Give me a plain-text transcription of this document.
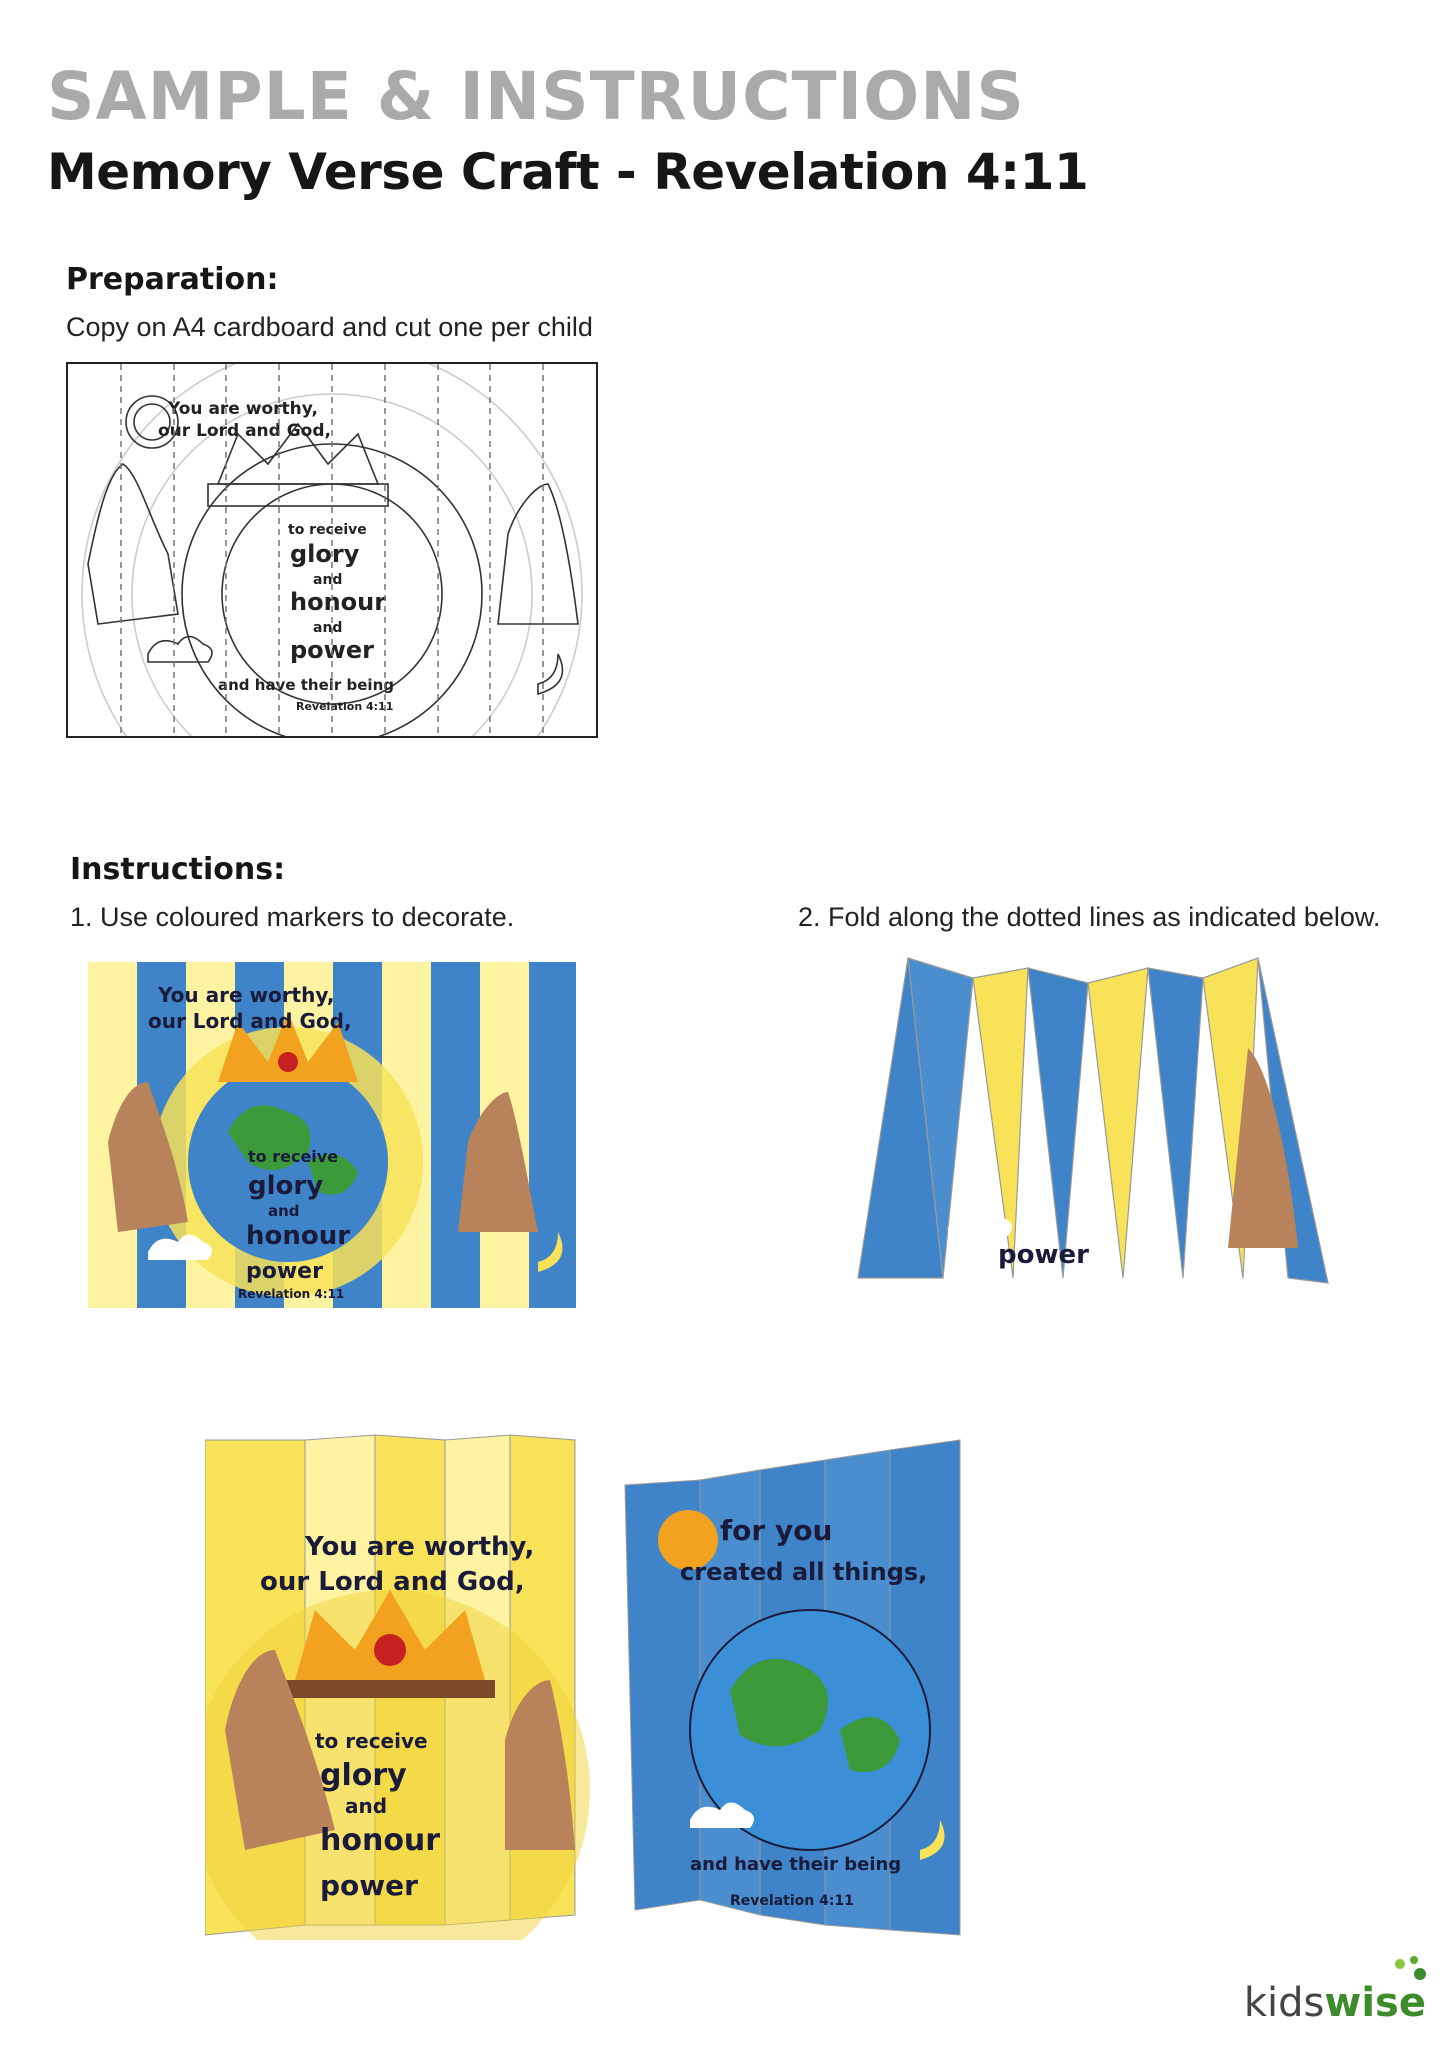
SAMPLE & INSTRUCTIONS
Memory Verse Craft - Revelation 4:11
Preparation:
Copy on A4 cardboard and cut one per child
You are worthy,
our Lord and God,
to receive
glory
and
honour
and
power
and have their being
Revelation 4:11
Instructions:
1. Use coloured markers to decorate.	2. Fold along the dotted lines as indicated below.
You are worthy,
our Lord and God,
to receive
glory
and
honour
power
Revelation 4:11
power
You are worthy,
our Lord and God,
to receive
glory
and
honour
power
for you
created all things,
and have their being
Revelation 4:11
kidswise
